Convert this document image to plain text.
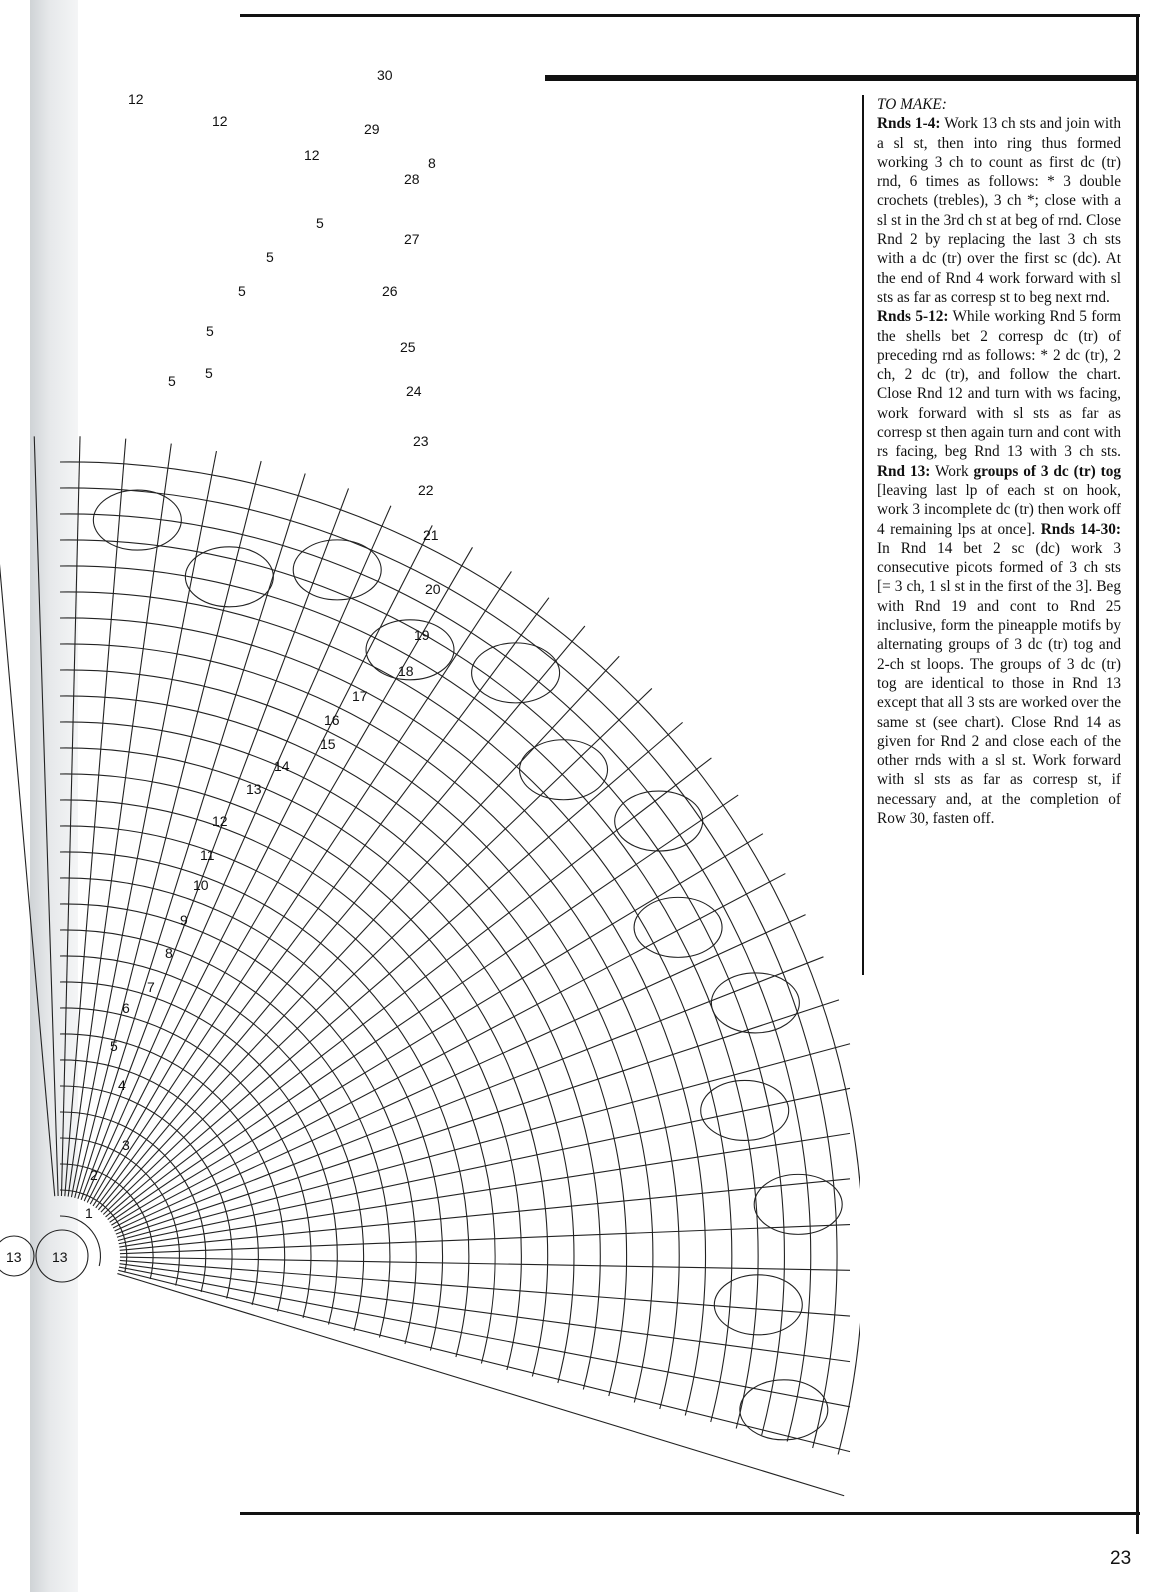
30
29
28
27
26
25
24
23
22
21
20
19
18
17
16
15
14
13
12
11
10
9
8
7
6
5
4
3
2
1
12
12
12
5
5
5
5
5
5
8
13 13

TO MAKE:

Rnds 1-4: Work 13 ch sts and join with a sl st, then into ring thus formed working 3 ch to count as first dc (tr) rnd, 6 times as follows: * 3 double crochets (trebles), 3 ch *; close with a sl st in the 3rd ch st at beg of rnd. Close Rnd 2 by replacing the last 3 ch sts with a dc (tr) over the first sc (dc). At the end of Rnd 4 work forward with sl sts as far as corresp st to beg next rnd.

Rnds 5-12: While working Rnd 5 form the shells bet 2 corresp dc (tr) of preceding rnd as follows: * 2 dc (tr), 2 ch, 2 dc (tr), and follow the chart. Close Rnd 12 and turn with ws facing, work forward with sl sts as far as corresp st then again turn and cont with rs facing, beg Rnd 13 with 3 ch sts. Rnd 13: Work groups of 3 dc (tr) tog [leaving last lp of each st on hook, work 3 incomplete dc (tr) then work off 4 remaining lps at once]. Rnds 14-30: In Rnd 14 bet 2 sc (dc) work 3 consecutive picots formed of 3 ch sts [= 3 ch, 1 sl st in the first of the 3]. Beg with Rnd 19 and cont to Rnd 25 inclusive, form the pineapple motifs by alternating groups of 3 dc (tr) tog and 2-ch st loops. The groups of 3 dc (tr) tog are identical to those in Rnd 13 except that all 3 sts are worked over the same st (see chart). Close Rnd 14 as given for Rnd 2 and close each of the other rnds with a sl st. Work forward with sl sts as far as corresp st, if necessary and, at the completion of Row 30, fasten off.

23
